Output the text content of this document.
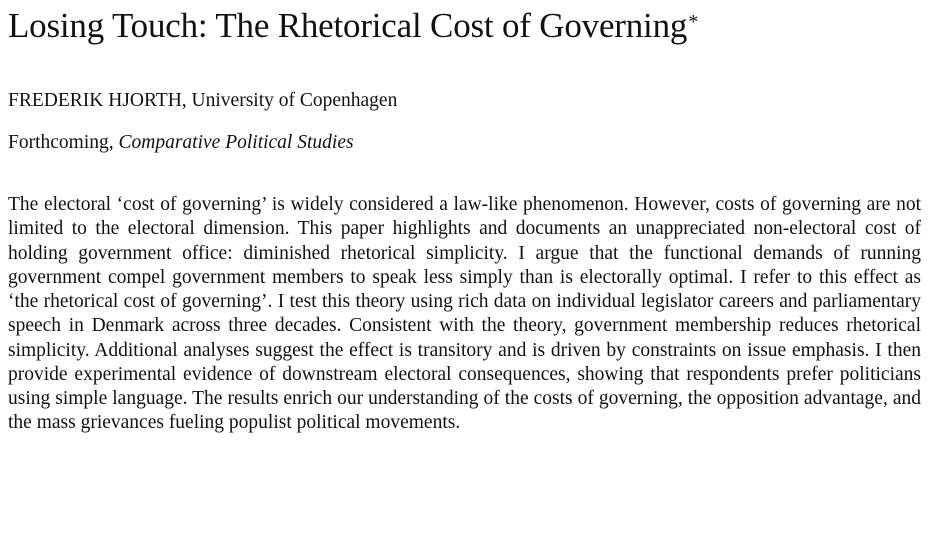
Losing Touch: The Rhetorical Cost of Governing*
FREDERIK HJORTH, University of Copenhagen
Forthcoming, Comparative Political Studies

The electoral ‘cost of governing’ is widely considered a law-like phenomenon. However, costs of governing are not limited to the electoral dimension. This paper highlights and documents an unappreciated non-electoral cost of holding government office: diminished rhetorical simplicity. I argue that the functional demands of running government compel government members to speak less simply than is electorally optimal. I refer to this effect as ‘the rhetorical cost of governing’. I test this theory using rich data on individual legislator careers and parliamentary speech in Denmark across three decades. Consistent with the theory, government membership reduces rhetorical simplicity. Additional analyses suggest the effect is transitory and is driven by constraints on issue emphasis. I then provide experimental evidence of downstream electoral consequences, showing that respondents prefer politicians using simple language. The results enrich our understanding of the costs of governing, the opposition advantage, and the mass grievances fueling populist political movements.
